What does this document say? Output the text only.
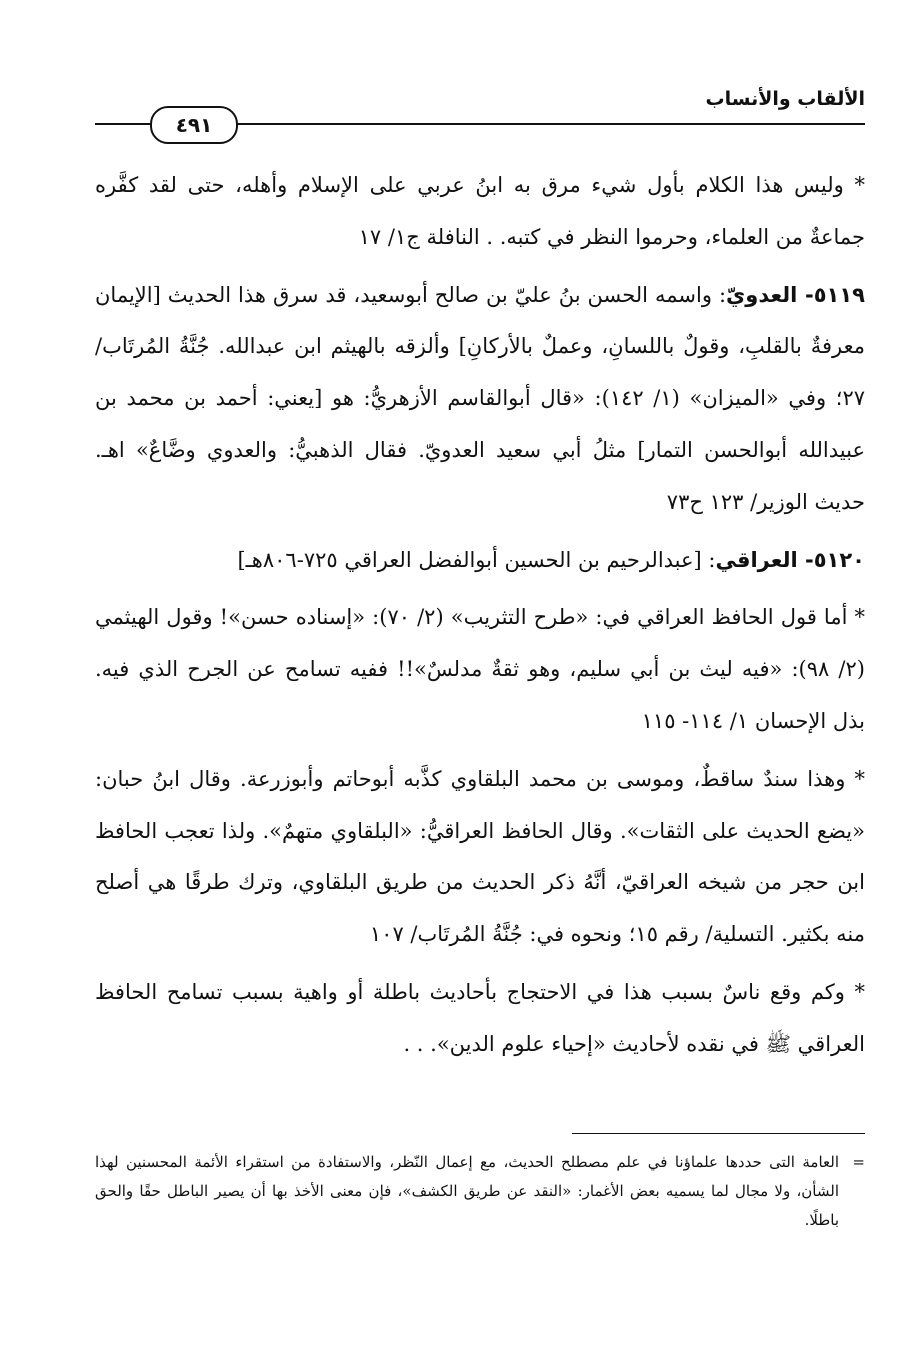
الألقاب والأنساب
٤٩١

* وليس هذا الكلام بأول شيء مرق به ابنُ عربي على الإسلام وأهله، حتى لقد كفَّره جماعةٌ من العلماء، وحرموا النظر في كتبه. . النافلة ج١/ ١٧

٥١١٩- العدويّ: واسمه الحسن بنُ عليّ بن صالح أبوسعيد، قد سرق هذا الحديث [الإيمان معرفةٌ بالقلبِ، وقولٌ باللسانِ، وعملٌ بالأركانِ] وألزقه بالهيثم ابن عبدالله. جُنَّةُ المُرتَاب/ ٢٧؛ وفي «الميزان» (١/ ١٤٢): «قال أبوالقاسم الأزهريُّ: هو [يعني: أحمد بن محمد بن عبيدالله أبوالحسن التمار] مثلُ أبي سعيد العدويّ. فقال الذهبيُّ: والعدوي وضَّاعٌ» اهـ. حديث الوزير/ ١٢٣ ح٧٣

٥١٢٠- العراقي: [عبدالرحيم بن الحسين أبوالفضل العراقي ٧٢٥-٨٠٦هـ]

* أما قول الحافظ العراقي في: «طرح التثريب» (٢/ ٧٠): «إسناده حسن»! وقول الهيثمي (٢/ ٩٨): «فيه ليث بن أبي سليم، وهو ثقةٌ مدلسٌ»!! ففيه تسامح عن الجرح الذي فيه. بذل الإحسان ١/ ١١٤- ١١٥

* وهذا سندٌ ساقطٌ، وموسى بن محمد البلقاوي كذَّبه أبوحاتم وأبوزرعة. وقال ابنُ حبان: «يضع الحديث على الثقات». وقال الحافظ العراقيُّ: «البلقاوي متهمٌ». ولذا تعجب الحافظ ابن حجر من شيخه العراقيّ، أنَّهُ ذكر الحديث من طريق البلقاوي، وترك طرقًا هي أصلح منه بكثير. التسلية/ رقم ١٥؛ ونحوه في: جُنَّةُ المُرتَاب/ ١٠٧

* وكم وقع ناسٌ بسبب هذا في الاحتجاج بأحاديث باطلة أو واهية بسبب تسامح الحافظ العراقي ﷺ في نقده لأحاديث «إحياء علوم الدين». . .

=
العامة التى حددها علماؤنا في علم مصطلح الحديث، مع إعمال النّظر، والاستفادة من استقراء الأئمة المحسنين لهذا الشأن، ولا مجال لما يسميه بعض الأغمار: «النقد عن طريق الكشف»، فإن معنى الأخذ بها أن يصير الباطل حقًا والحق باطلًا.
